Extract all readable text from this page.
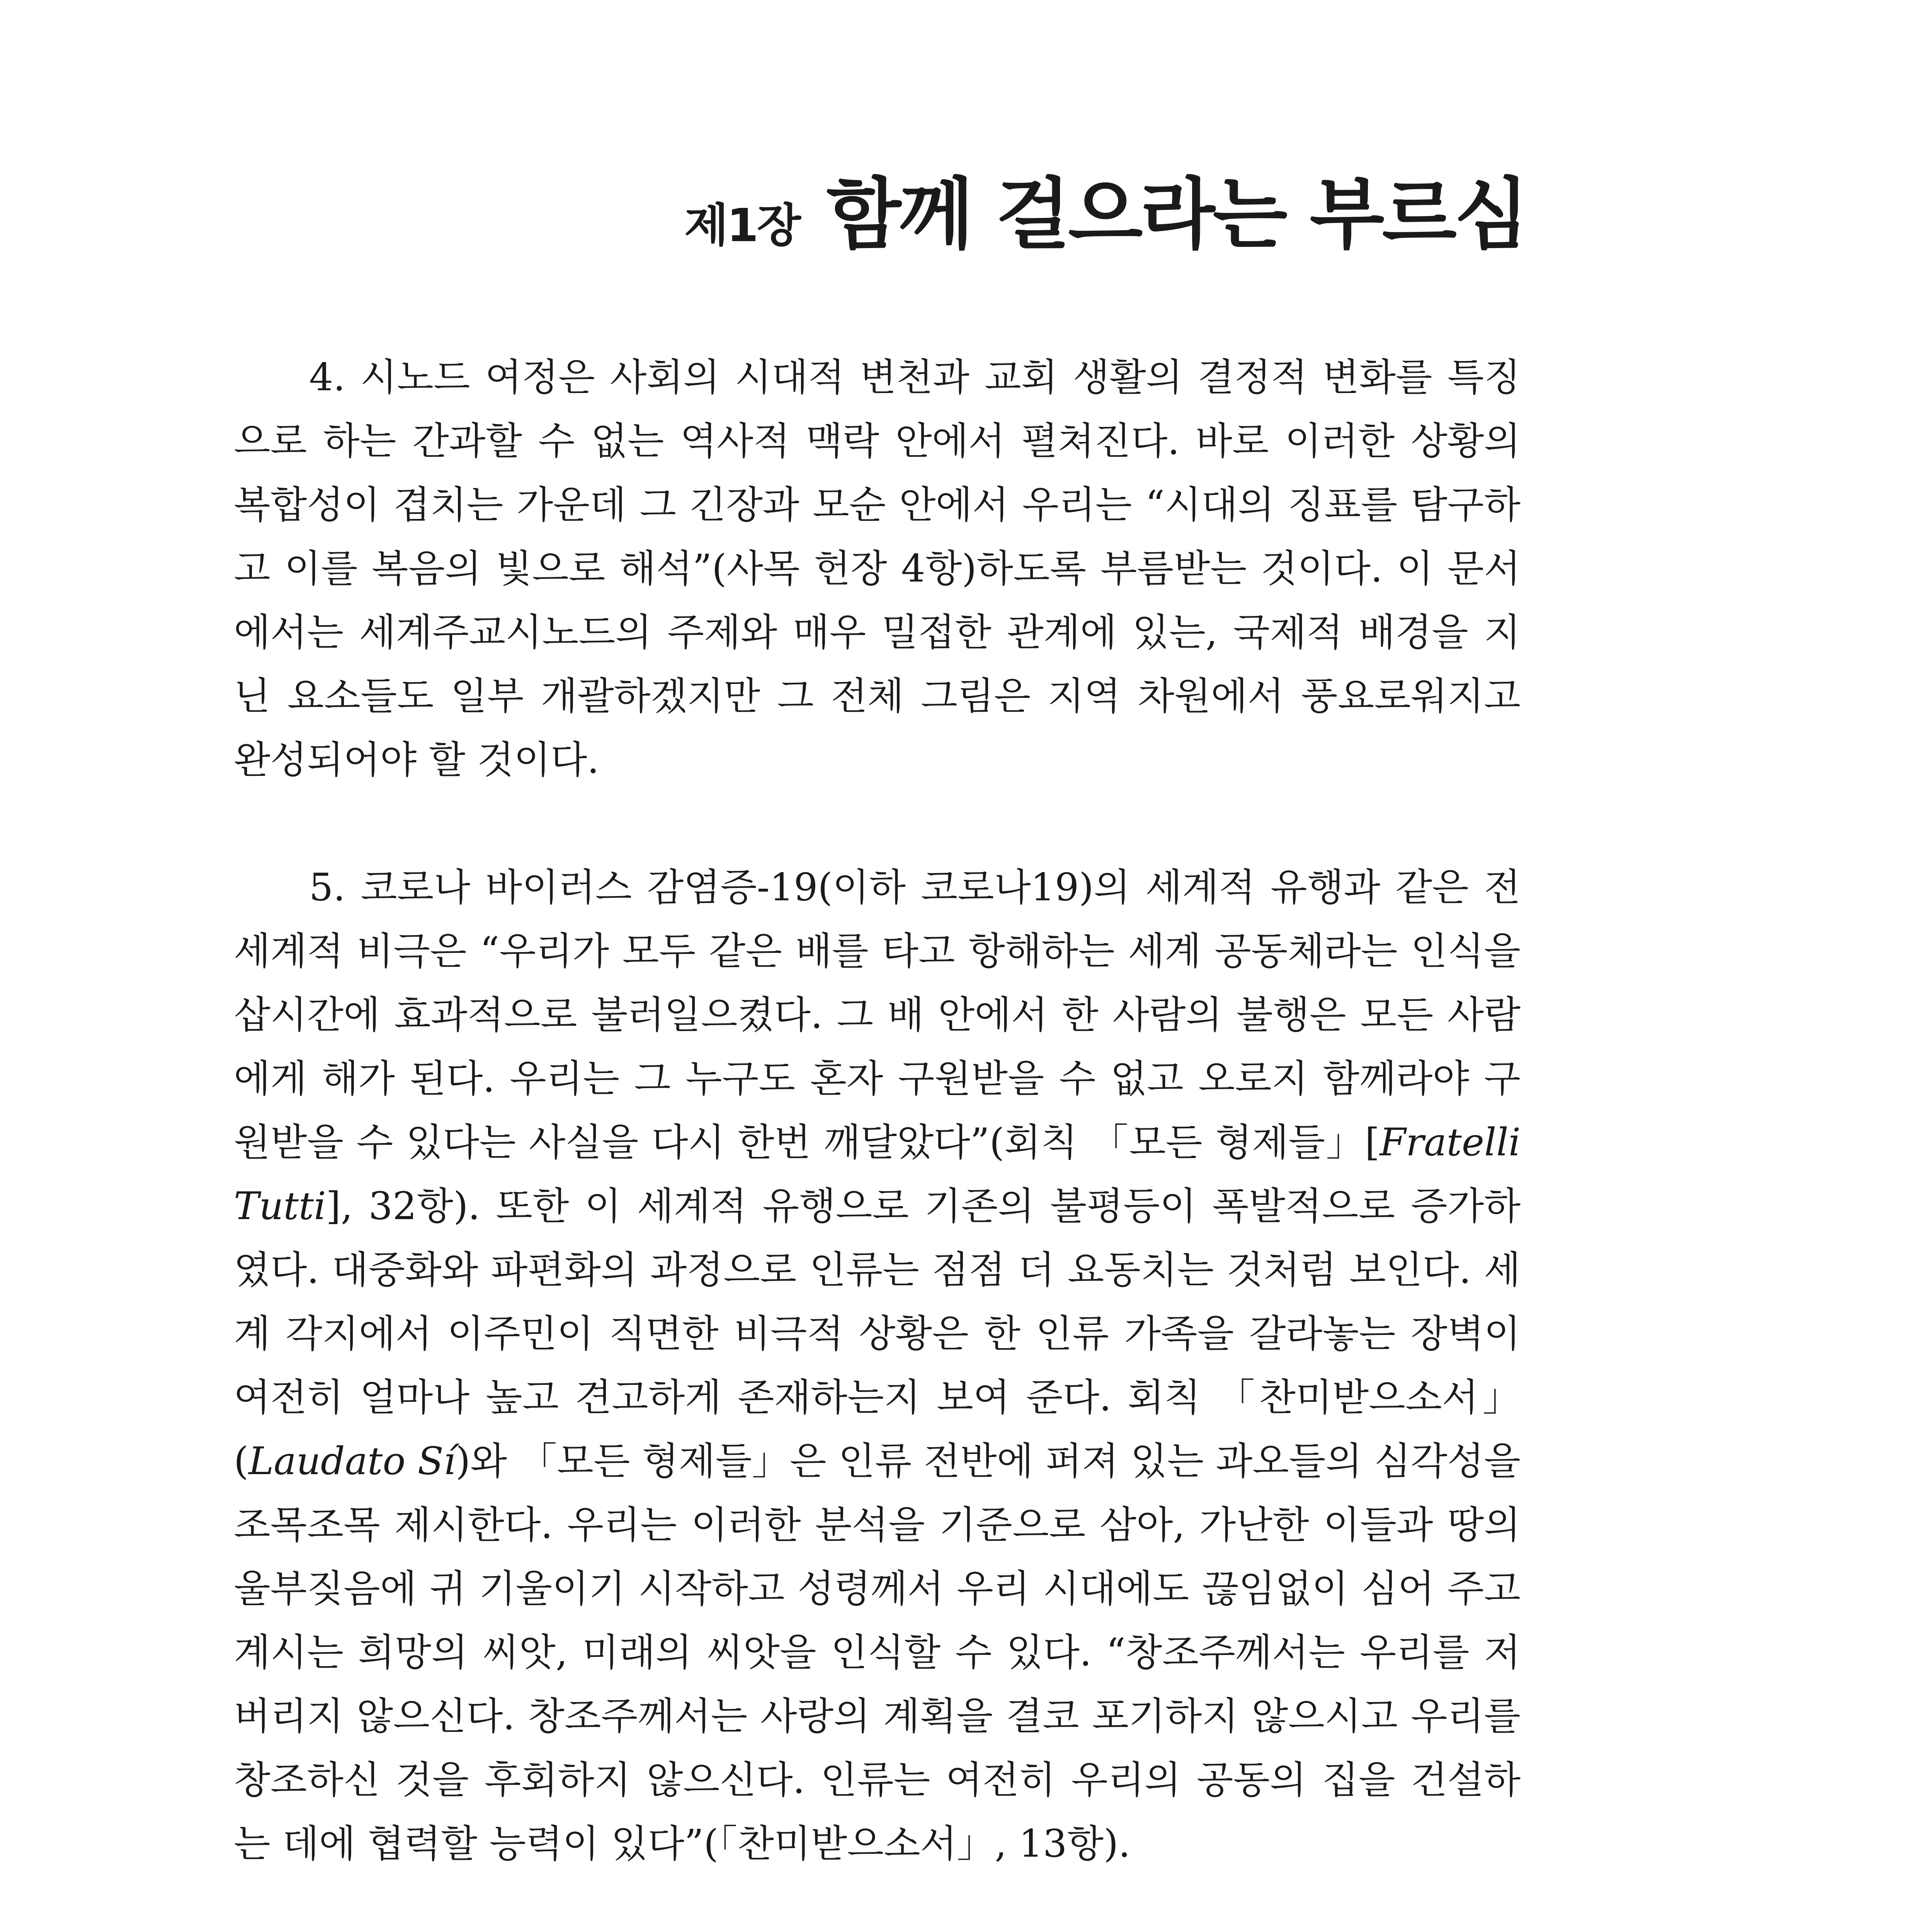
제1장 함께 걸으라는 부르심

4. 시노드 여정은 사회의 시대적 변천과 교회 생활의 결정적 변화를 특징으로 하는 간과할 수 없는 역사적 맥락 안에서 펼쳐진다. 바로 이러한 상황의 복합성이 겹치는 가운데 그 긴장과 모순 안에서 우리는 “시대의 징표를 탐구하고 이를 복음의 빛으로 해석”(사목 헌장 4항)하도록 부름받는 것이다. 이 문서에서는 세계주교시노드의 주제와 매우 밀접한 관계에 있는, 국제적 배경을 지닌 요소들도 일부 개괄하겠지만 그 전체 그림은 지역 차원에서 풍요로워지고 완성되어야 할 것이다.

5. 코로나 바이러스 감염증-19(이하 코로나19)의 세계적 유행과 같은 전 세계적 비극은 “우리가 모두 같은 배를 타고 항해하는 세계 공동체라는 인식을 삽시간에 효과적으로 불러일으켰다. 그 배 안에서 한 사람의 불행은 모든 사람에게 해가 된다. 우리는 그 누구도 혼자 구원받을 수 없고 오로지 함께라야 구원받을 수 있다는 사실을 다시 한번 깨달았다”(회칙 「모든 형제들」[Fratelli Tutti], 32항). 또한 이 세계적 유행으로 기존의 불평등이 폭발적으로 증가하였다. 대중화와 파편화의 과정으로 인류는 점점 더 요동치는 것처럼 보인다. 세계 각지에서 이주민이 직면한 비극적 상황은 한 인류 가족을 갈라놓는 장벽이 여전히 얼마나 높고 견고하게 존재하는지 보여 준다. 회칙 「찬미받으소서」(Laudato Sí)와 「모든 형제들」은 인류 전반에 퍼져 있는 과오들의 심각성을 조목조목 제시한다. 우리는 이러한 분석을 기준으로 삼아, 가난한 이들과 땅의 울부짖음에 귀 기울이기 시작하고 성령께서 우리 시대에도 끊임없이 심어 주고 계시는 희망의 씨앗, 미래의 씨앗을 인식할 수 있다. “창조주께서는 우리를 저버리지 않으신다. 창조주께서는 사랑의 계획을 결코 포기하지 않으시고 우리를 창조하신 것을 후회하지 않으신다. 인류는 여전히 우리의 공동의 집을 건설하는 데에 협력할 능력이 있다”(「찬미받으소서」, 13항).
